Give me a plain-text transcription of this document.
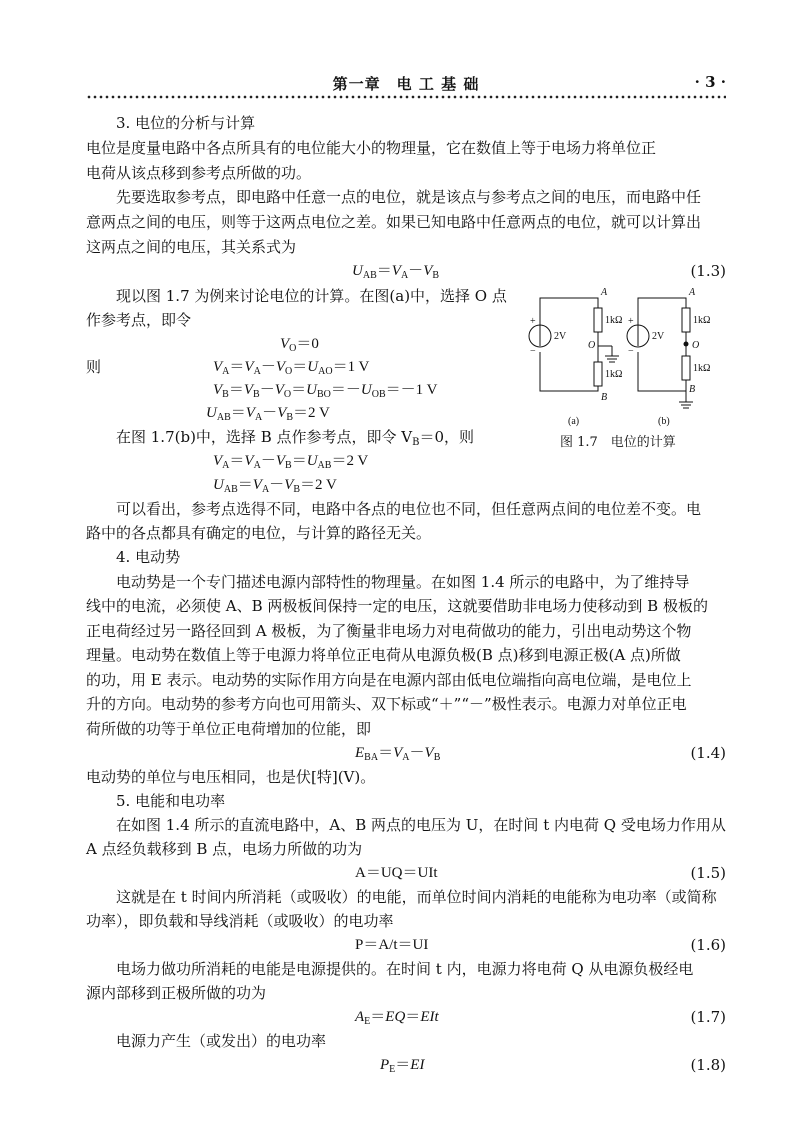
第一章　电 工 基 础	· 3 ·
3. 电位的分析与计算
电位是度量电路中各点所具有的电位能大小的物理量，它在数值上等于电场力将单位正
电荷从该点移到参考点所做的功。
先要选取参考点，即电路中任意一点的电位，就是该点与参考点之间的电压，而电路中任
意两点之间的电压，则等于这两点电位之差。如果已知电路中任意两点的电位，就可以计算出
这两点之间的电压，其关系式为
$U_{AB}=V_A-V_B$	(1.3)
现以图 1.7 为例来讨论电位的计算。在图(a)中，选择 O 点
作参考点，即令
$V_O=0$
则	$V_A=V_A-V_O=U_{AO}=1$ V
$V_B=V_B-V_O=U_{BO}=-U_{OB}=-1$ V
$U_{AB}=V_A-V_B=2$ V
在图 1.7(b)中，选择 B 点作参考点，即令 $V_B=0$，则
$V_A=V_A-V_B=U_{AB}=2$ V
$U_{AB}=V_A-V_B=2$ V
可以看出，参考点选得不同，电路中各点的电位也不同，但任意两点间的电位差不变。电
路中的各点都具有确定的电位，与计算的路径无关。
+
−
2V
A
1kΩ
O
1kΩ
B
+
−
2V
A
1kΩ
O
1kΩ
B
(a)	(b)
图 1.7　电位的计算
4. 电动势
电动势是一个专门描述电源内部特性的物理量。在如图 1.4 所示的电路中，为了维持导
线中的电流，必须使 A、B 两极板间保持一定的电压，这就要借助非电场力使移动到 B 极板的
正电荷经过另一路径回到 A 极板，为了衡量非电场力对电荷做功的能力，引出电动势这个物
理量。电动势在数值上等于电源力将单位正电荷从电源负极(B 点)移到电源正极(A 点)所做
的功，用 E 表示。电动势的实际作用方向是在电源内部由低电位端指向高电位端，是电位上
升的方向。电动势的参考方向也可用箭头、双下标或“＋”“－”极性表示。电源力对单位正电
荷所做的功等于单位正电荷增加的位能，即
$E_{BA}=V_A-V_B$	(1.4)
电动势的单位与电压相同，也是伏[特](V)。
5. 电能和电功率
在如图 1.4 所示的直流电路中，A、B 两点的电压为 U，在时间 t 内电荷 Q 受电场力作用从
A 点经负载移到 B 点，电场力所做的功为
A＝UQ＝UIt	(1.5)
这就是在 t 时间内所消耗（或吸收）的电能，而单位时间内消耗的电能称为电功率（或简称
功率），即负载和导线消耗（或吸收）的电功率
P＝A/t＝UI	(1.6)
电场力做功所消耗的电能是电源提供的。在时间 t 内，电源力将电荷 Q 从电源负极经电
源内部移到正极所做的功为
$A_E=EQ=EIt$	(1.7)
电源力产生（或发出）的电功率
$P_E=EI$	(1.8)
